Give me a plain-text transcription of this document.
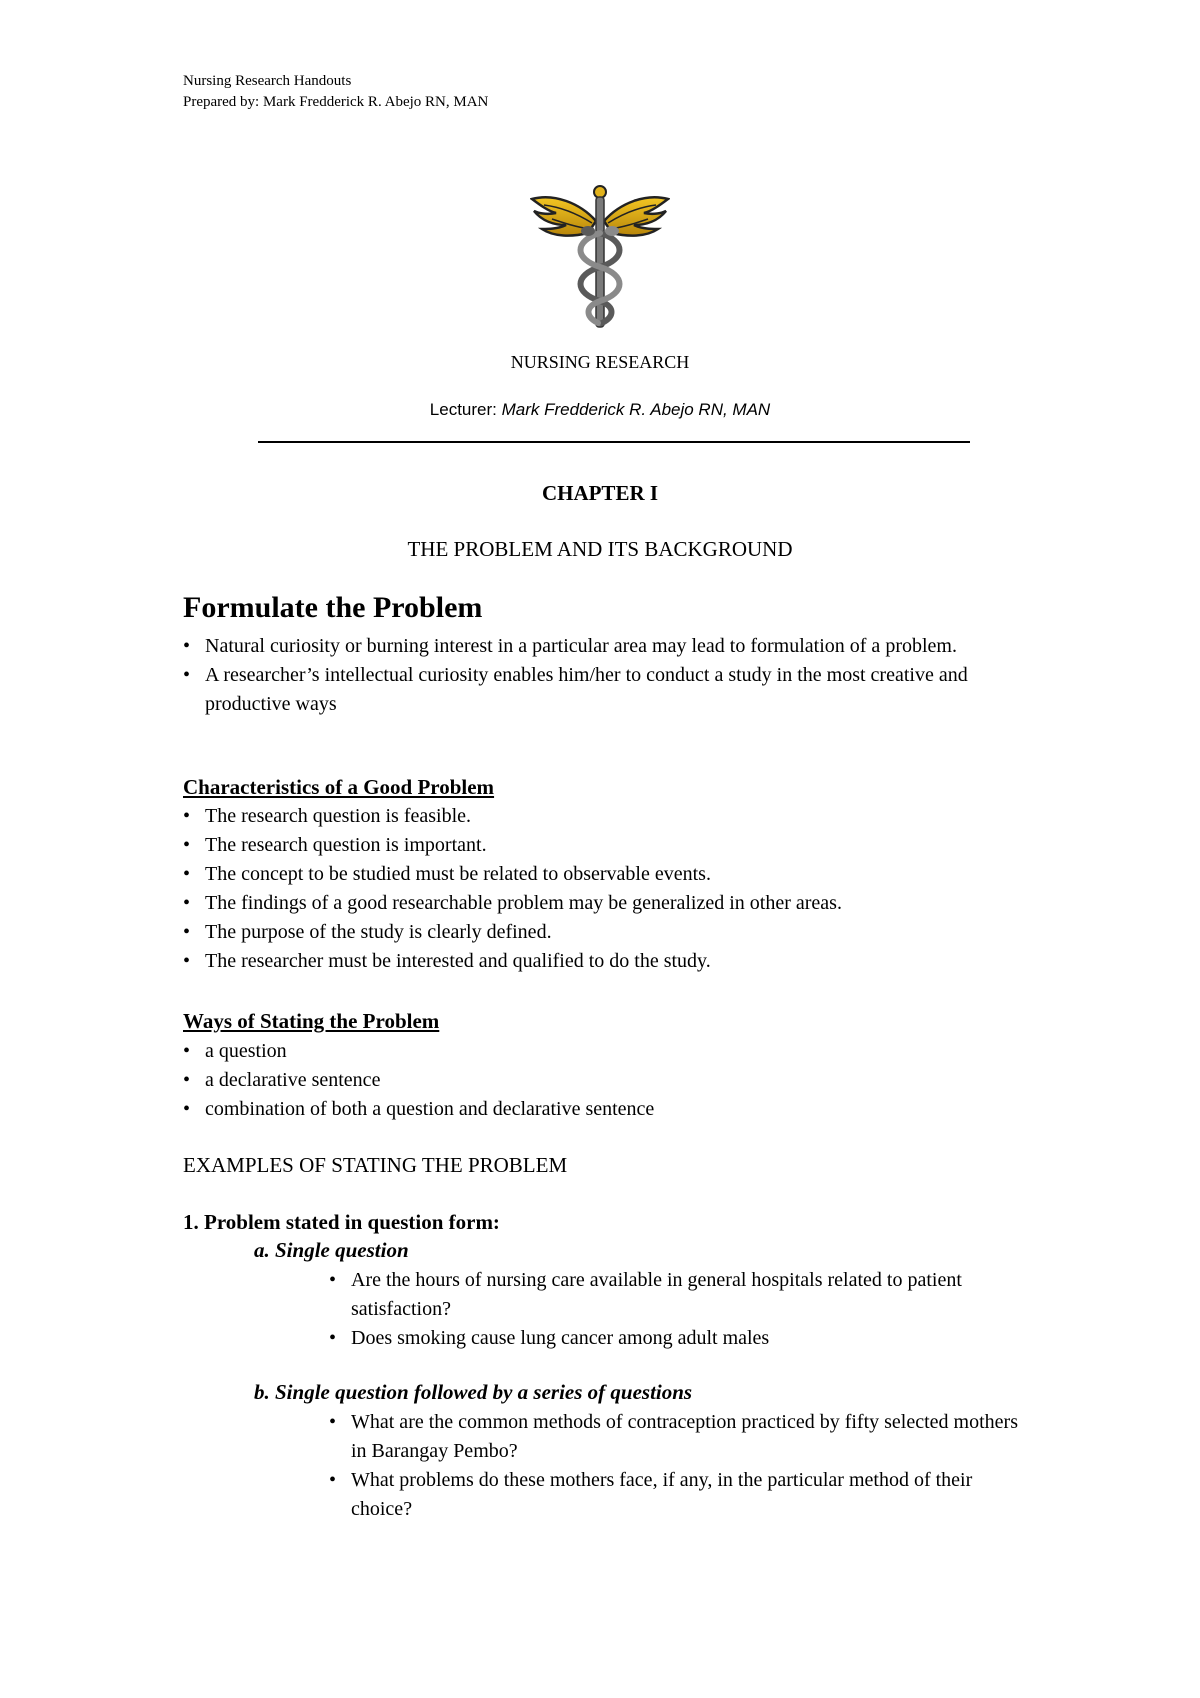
Nursing Research Handouts
Prepared by: Mark Fredderick R. Abejo RN, MAN
NURSING RESEARCH
Lecturer: Mark Fredderick R. Abejo RN, MAN
CHAPTER I
THE PROBLEM AND ITS BACKGROUND
Formulate the Problem
• Natural curiosity or burning interest in a particular area may lead to formulation of a problem.
• A researcher’s intellectual curiosity enables him/her to conduct a study in the most creative and productive ways
Characteristics of a Good Problem
• The research question is feasible.
• The research question is important.
• The concept to be studied must be related to observable events.
• The findings of a good researchable problem may be generalized in other areas.
• The purpose of the study is clearly defined.
• The researcher must be interested and qualified to do the study.
Ways of Stating the Problem
• a question
• a declarative sentence
• combination of both a question and declarative sentence
EXAMPLES OF STATING THE PROBLEM
1. Problem stated in question form:
a. Single question
• Are the hours of nursing care available in general hospitals related to patient satisfaction?
• Does smoking cause lung cancer among adult males
b. Single question followed by a series of questions
• What are the common methods of contraception practiced by fifty selected mothers in Barangay Pembo?
• What problems do these mothers face, if any, in the particular method of their choice?
